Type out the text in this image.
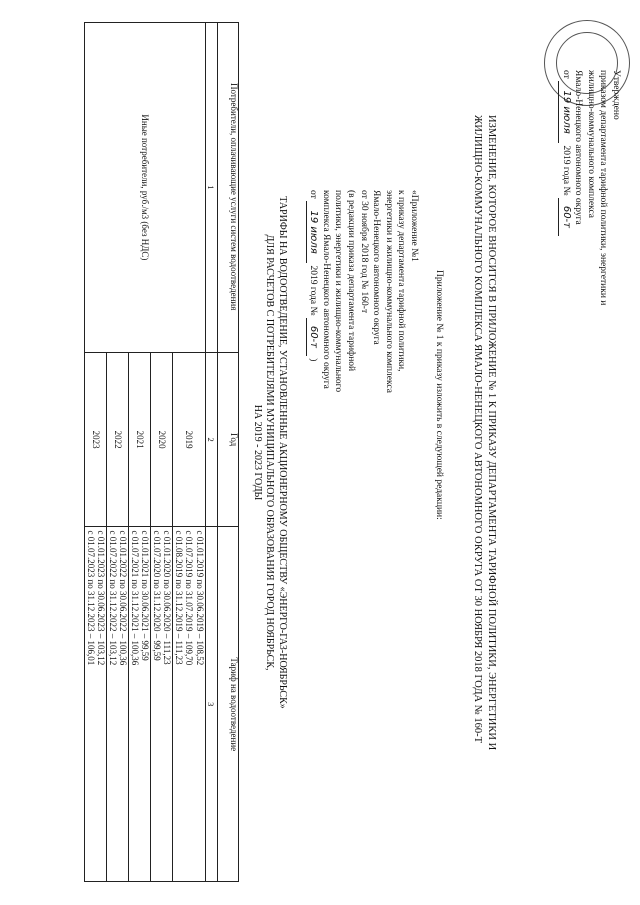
Утверждено
приказом департамента тарифной политики, энергетики и
жилищно-коммунального комплекса
Ямало-Ненецкого автономного округа
от 19 июля 2019 года № 60-т
ИЗМЕНЕНИЕ, КОТОРОЕ ВНОСИТСЯ В ПРИЛОЖЕНИЕ № 1 К ПРИКАЗУ ДЕПАРТАМЕНТА ТАРИФНОЙ ПОЛИТИКИ, ЭНЕРГЕТИКИ И
ЖИЛИЩНО-КОММУНАЛЬНОГО КОМПЛЕКСА ЯМАЛО-НЕНЕЦКОГО АВТОНОМНОГО ОКРУГА ОТ 30 НОЯБРЯ 2018 ГОДА № 160-Т
Приложение № 1 к приказу изложить в следующей редакции:
«Приложение №1
к приказу департамента тарифной политики,
энергетики и жилищно-коммунального комплекса
Ямало-Ненецкого автономного округа
от 30 ноября 2018 год № 160-т
(в редакции приказа департамента тарифной
политики, энергетики и жилищно-коммунального
комплекса Ямало-Ненецкого автономного округа
от 19 июля 2019 года № 60-т )
ТАРИФЫ НА ВОДООТВЕДЕНИЕ, УСТАНОВЛЕННЫЕ АКЦИОНЕРНОМУ ОБЩЕСТВУ «ЭНЕРГО-ГАЗ-НОЯБРЬСК»
ДЛЯ РАСЧЕТОВ С ПОТРЕБИТЕЛЯМИ МУНИЦИПАЛЬНОГО ОБРАЗОВАНИЯ ГОРОД НОЯБРЬСК,
НА 2019 - 2023 ГОДЫ
Потребители, оплачивающие услуги систем водоотведения	Год	Тариф на водоотведение
1	2	3
Иные потребители, руб./м3 (без НДС)	2019	с 01.01.2019 по 30.06.2019 – 108,52
с 01.07.2019 по 31.07.2019 – 109,70
с 01.08.2019 по 31.12.2019 – 111,23

	2020	с 01.01.2020 по 30.06.2020 – 111,23
с 01.07.2020 по 31.12.2020 – 99,59

	2021	с 01.01.2021 по 30.06.2021 – 99,59
с 01.07.2021 по 31.12.2021 – 100,36

	2022	с 01.01.2022 по 30.06.2022 – 100,36
с 01.07.2022 по 31.12.2022 – 103,12

	2023	с 01.01.2023 по 30.06.2023 – 103,12
с 01.07.2023 по 31.12.2023 – 106,01
